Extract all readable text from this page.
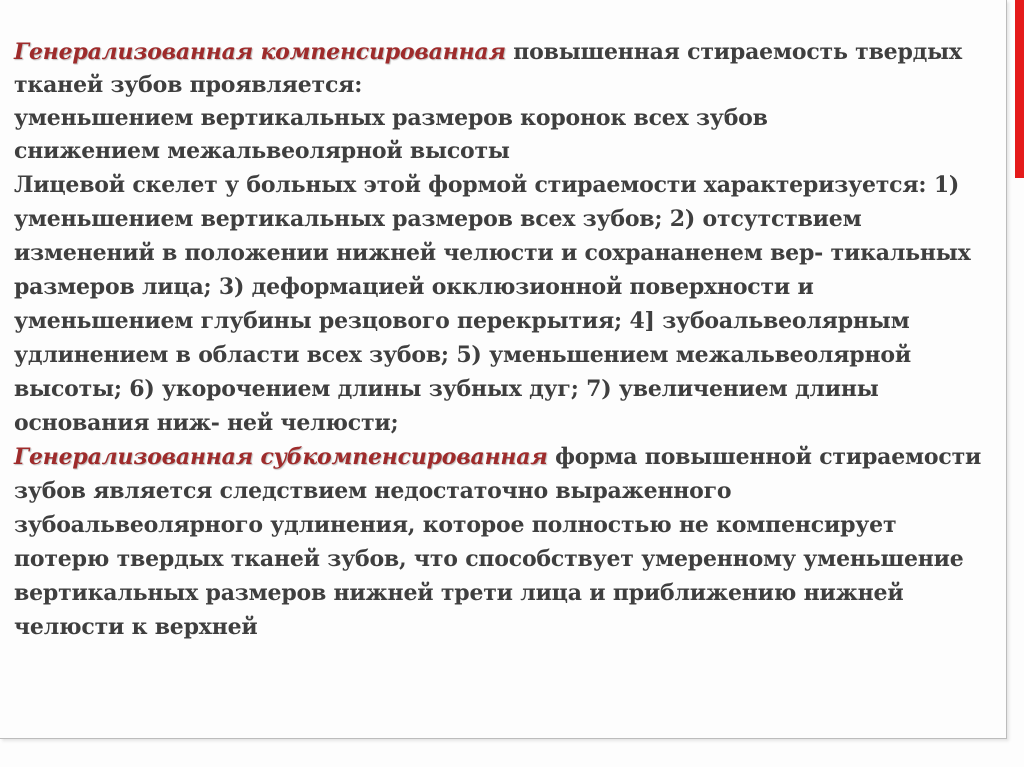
Генерализованная компенсированная повышенная стираемость твердых тканей зубов проявляется:

уменьшением вертикальных размеров коронок всех зубов

снижением межальвеолярной высоты

Лицевой скелет у больных этой формой стираемости характеризуется: 1) уменьшением вертикальных размеров всех зубов; 2) отсутствием изменений в положении нижней челюсти и сохрананенем вер- тикальных размеров лица; 3) деформацией окклюзионной поверхности и уменьшением глубины резцового перекрытия; 4] зубоальвеолярным удлинением в области всех зубов; 5) уменьшением межальвеолярной высоты; 6) укорочением длины зубных дуг; 7) увеличением длины основания ниж- ней челюсти;

Генерализованная субкомпенсированная форма повышенной стираемости зубов является следствием недостаточно выраженного зубоальвеолярного удлинения, которое полностью не компенсирует потерю твердых тканей зубов, что способствует умеренному уменьшение вертикальных размеров нижней трети лица и приближению нижней челюсти к верхней
